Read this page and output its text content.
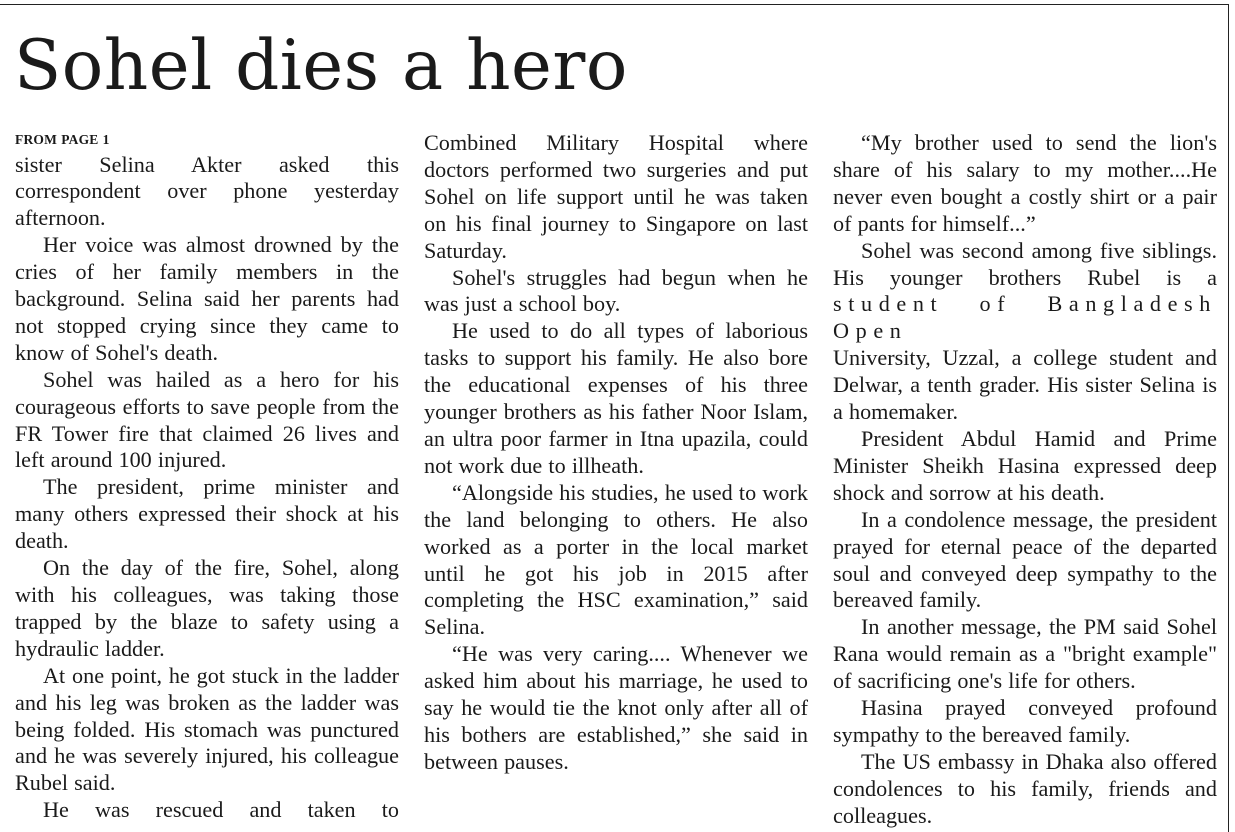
Sohel dies a hero
FROM PAGE 1

sister Selina Akter asked this correspondent over phone yesterday afternoon.

Her voice was almost drowned by the cries of her family members in the background. Selina said her parents had not stopped crying since they came to know of Sohel's death.

Sohel was hailed as a hero for his courageous efforts to save people from the FR Tower fire that claimed 26 lives and left around 100 injured.

The president, prime minister and many others expressed their shock at his death.

On the day of the fire, Sohel, along with his colleagues, was taking those trapped by the blaze to safety using a hydraulic ladder.

At one point, he got stuck in the ladder and his leg was broken as the ladder was being folded. His stomach was punctured and he was severely injured, his colleague Rubel said.

He was rescued and taken to

Combined Military Hospital where doctors performed two surgeries and put Sohel on life support until he was taken on his final journey to Singapore on last Saturday.

Sohel's struggles had begun when he was just a school boy.

He used to do all types of laborious tasks to support his family. He also bore the educational expenses of his three younger brothers as his father Noor Islam, an ultra poor farmer in Itna upazila, could not work due to illheath.

“Alongside his studies, he used to work the land belonging to others. He also worked as a porter in the local market until he got his job in 2015 after completing the HSC examination,” said Selina.

“He was very caring.... Whenever we asked him about his marriage, he used to say he would tie the knot only after all of his bothers are established,” she said in between pauses.

“My brother used to send the lion's share of his salary to my mother....He never even bought a costly shirt or a pair of pants for himself...”

Sohel was second among five siblings. His younger brothers Rubel is a

student of Bangladesh Open

University, Uzzal, a college student and Delwar, a tenth grader. His sister Selina is a homemaker.

President Abdul Hamid and Prime Minister Sheikh Hasina expressed deep shock and sorrow at his death.

In a condolence message, the president prayed for eternal peace of the departed soul and conveyed deep sympathy to the bereaved family.

In another message, the PM said Sohel Rana would remain as a "bright example" of sacrificing one's life for others.

Hasina prayed conveyed profound sympathy to the bereaved family.

The US embassy in Dhaka also offered condolences to his family, friends and colleagues.
